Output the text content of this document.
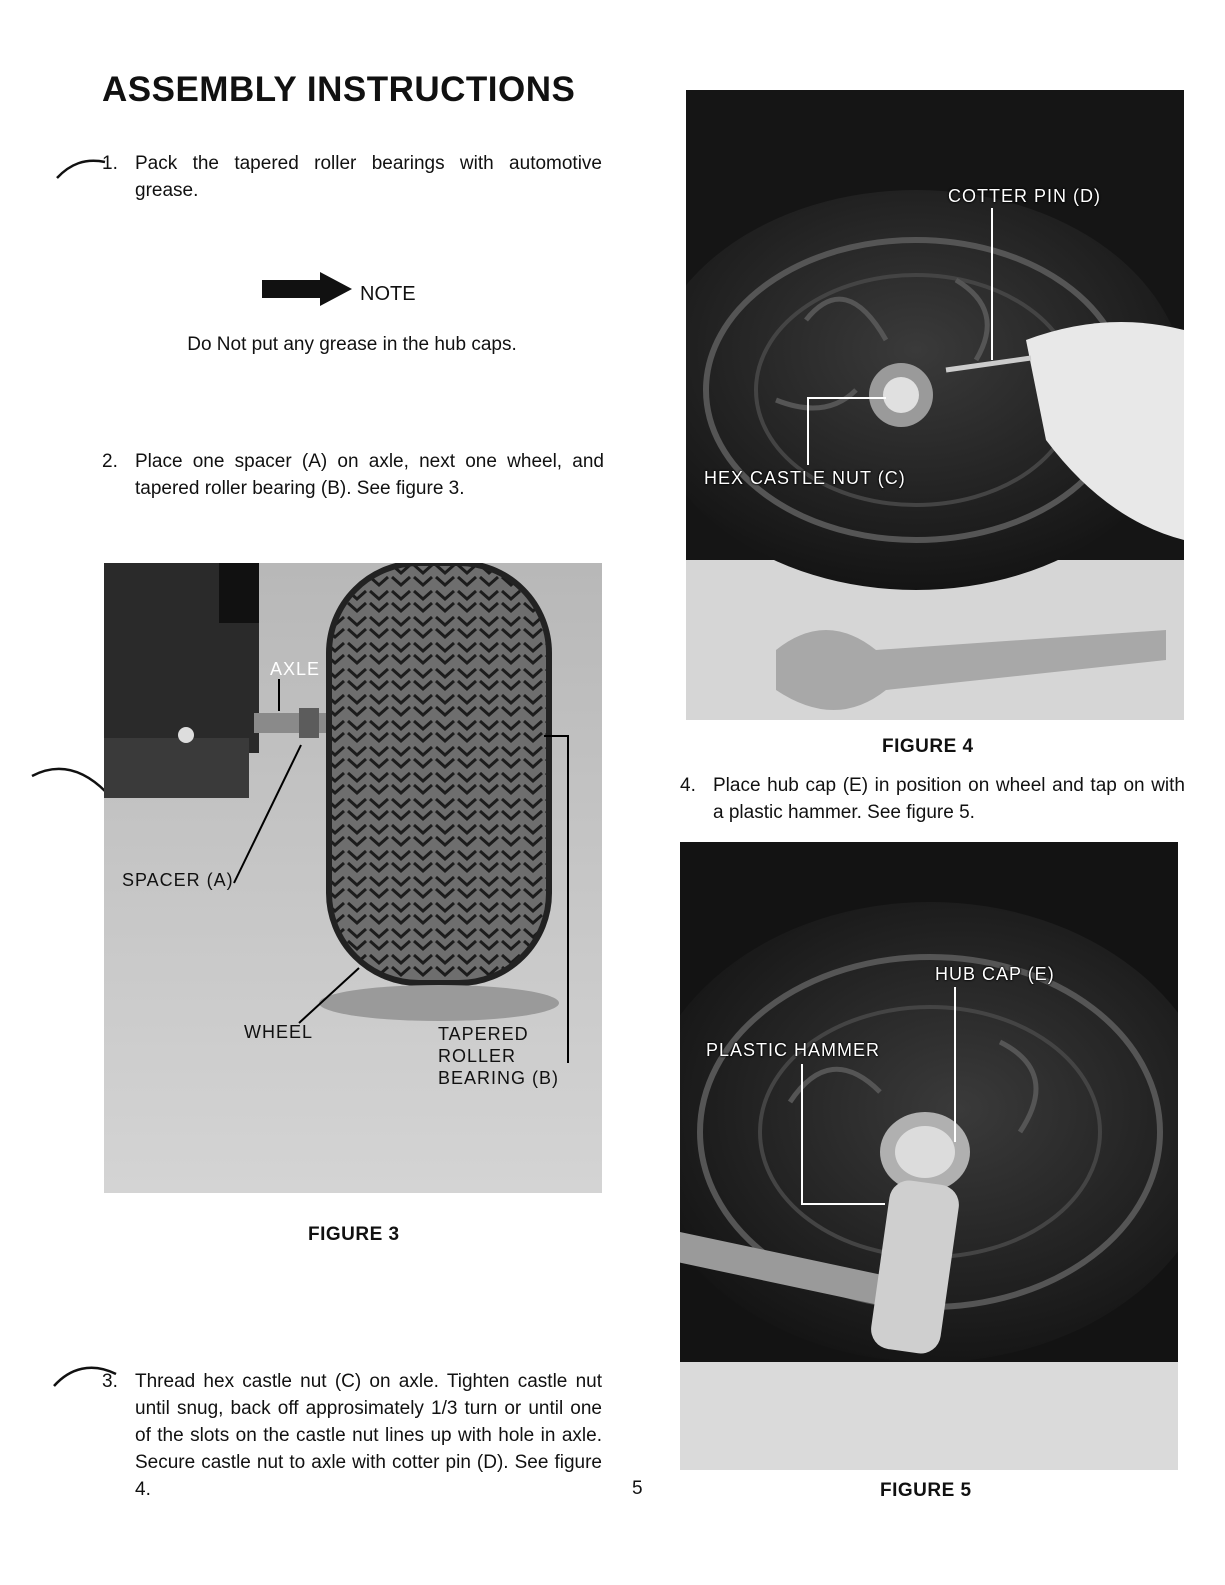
ASSEMBLY INSTRUCTIONS
1. Pack the tapered roller bearings with automotive grease.
NOTE
Do Not put any grease in the hub caps.
2. Place one spacer (A) on axle, next one wheel, and tapered roller bearing (B). See figure 3.
AXLE
SPACER (A)
WHEEL	TAPERED
ROLLER
BEARING (B)
FIGURE 3
3. Thread hex castle nut (C) on axle. Tighten castle nut until snug, back off approsimately 1/3 turn or until one of the slots on the castle nut lines up with hole in axle. Secure castle nut to axle with cotter pin (D). See figure 4.
COTTER PIN (D)
HEX CASTLE NUT (C)
FIGURE 4
4. Place hub cap (E) in position on wheel and tap on with a plastic hammer. See figure 5.
HUB CAP (E)
PLASTIC HAMMER
FIGURE 5
5
